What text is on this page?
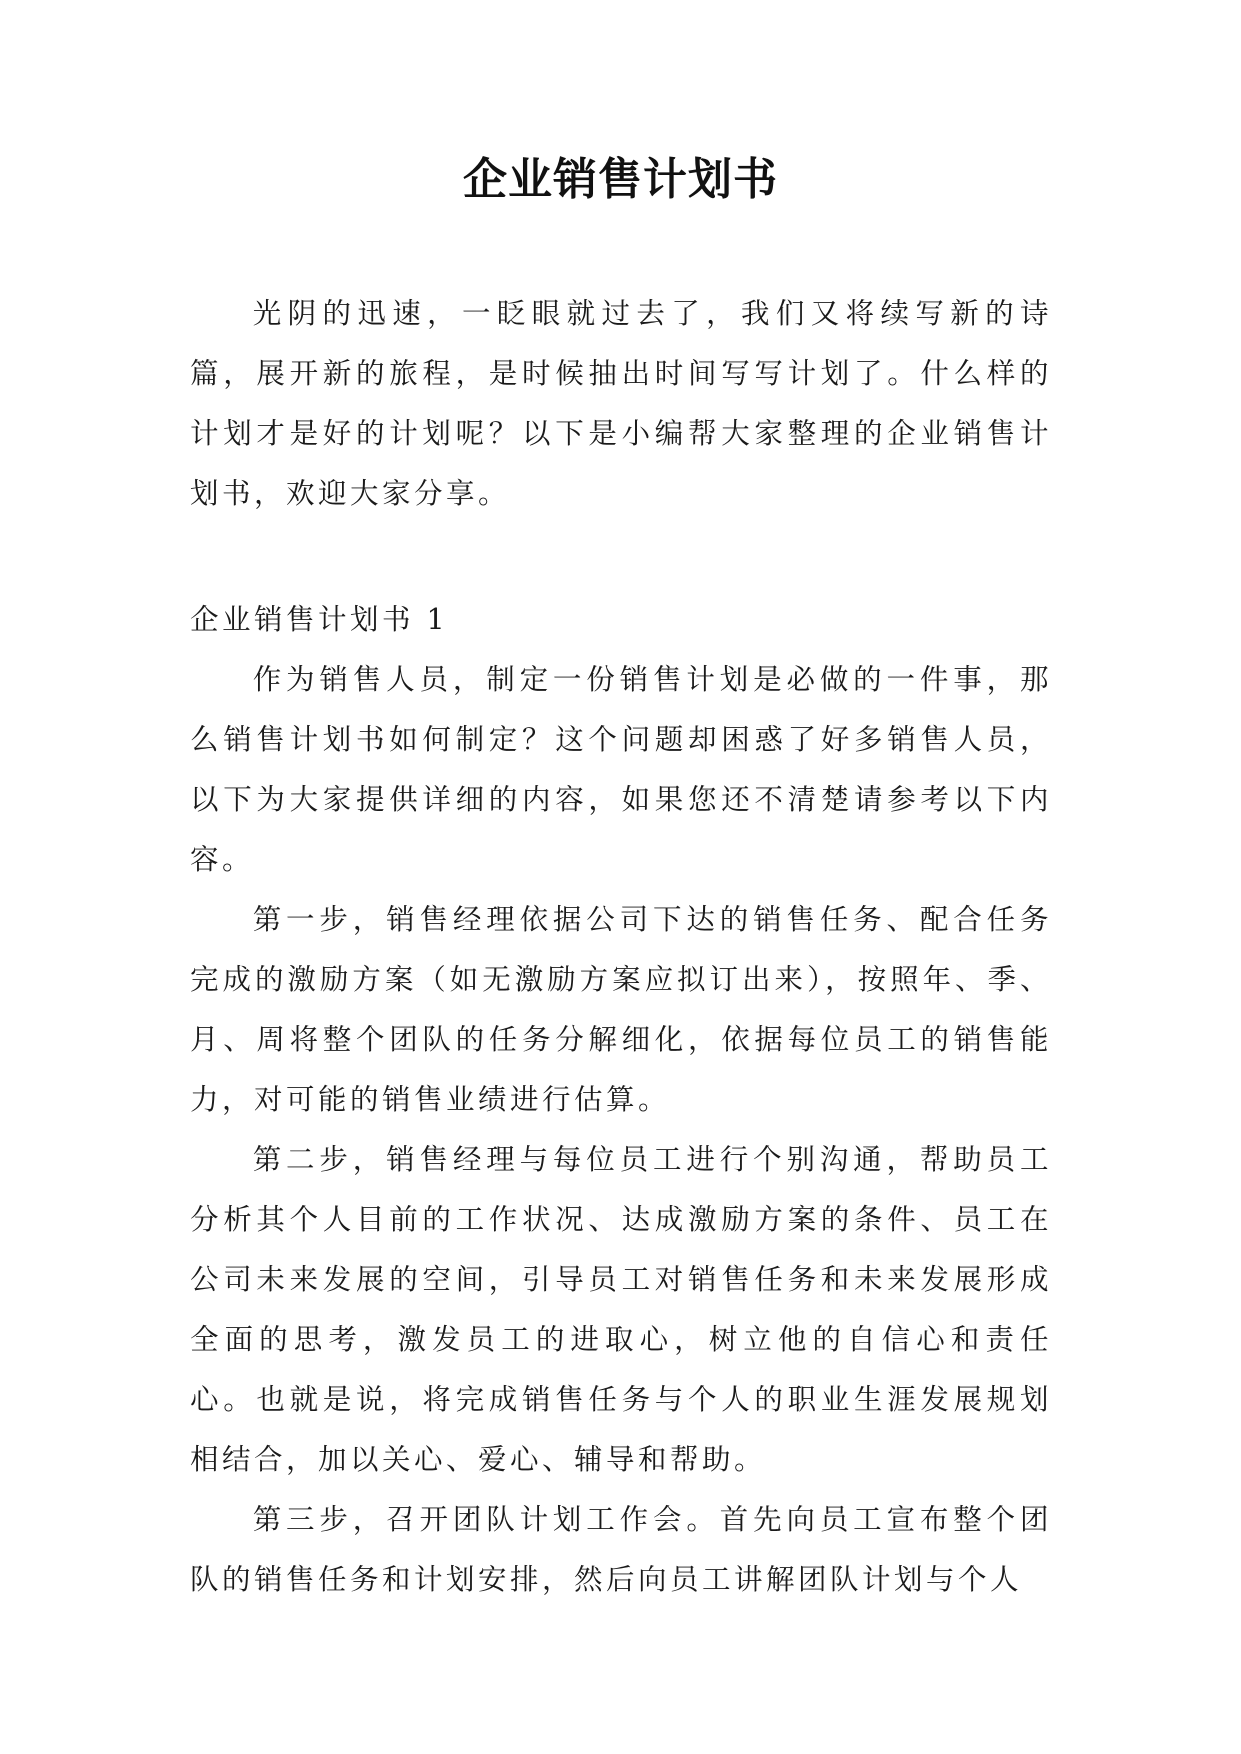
企业销售计划书

光阴的迅速，一眨眼就过去了，我们又将续写新的诗篇，展开新的旅程，是时候抽出时间写写计划了。什么样的计划才是好的计划呢？以下是小编帮大家整理的企业销售计划书，欢迎大家分享。

企业销售计划书 1

作为销售人员，制定一份销售计划是必做的一件事，那么销售计划书如何制定？这个问题却困惑了好多销售人员，以下为大家提供详细的内容，如果您还不清楚请参考以下内容。

第一步，销售经理依据公司下达的销售任务、配合任务完成的激励方案（如无激励方案应拟订出来），按照年、季、月、周将整个团队的任务分解细化，依据每位员工的销售能力，对可能的销售业绩进行估算。

第二步，销售经理与每位员工进行个别沟通，帮助员工分析其个人目前的工作状况、达成激励方案的条件、员工在公司未来发展的空间，引导员工对销售任务和未来发展形成全面的思考，激发员工的进取心，树立他的自信心和责任心。也就是说，将完成销售任务与个人的职业生涯发展规划相结合，加以关心、爱心、辅导和帮助。

第三步，召开团队计划工作会。首先向员工宣布整个团队的销售任务和计划安排，然后向员工讲解团队计划与个人
